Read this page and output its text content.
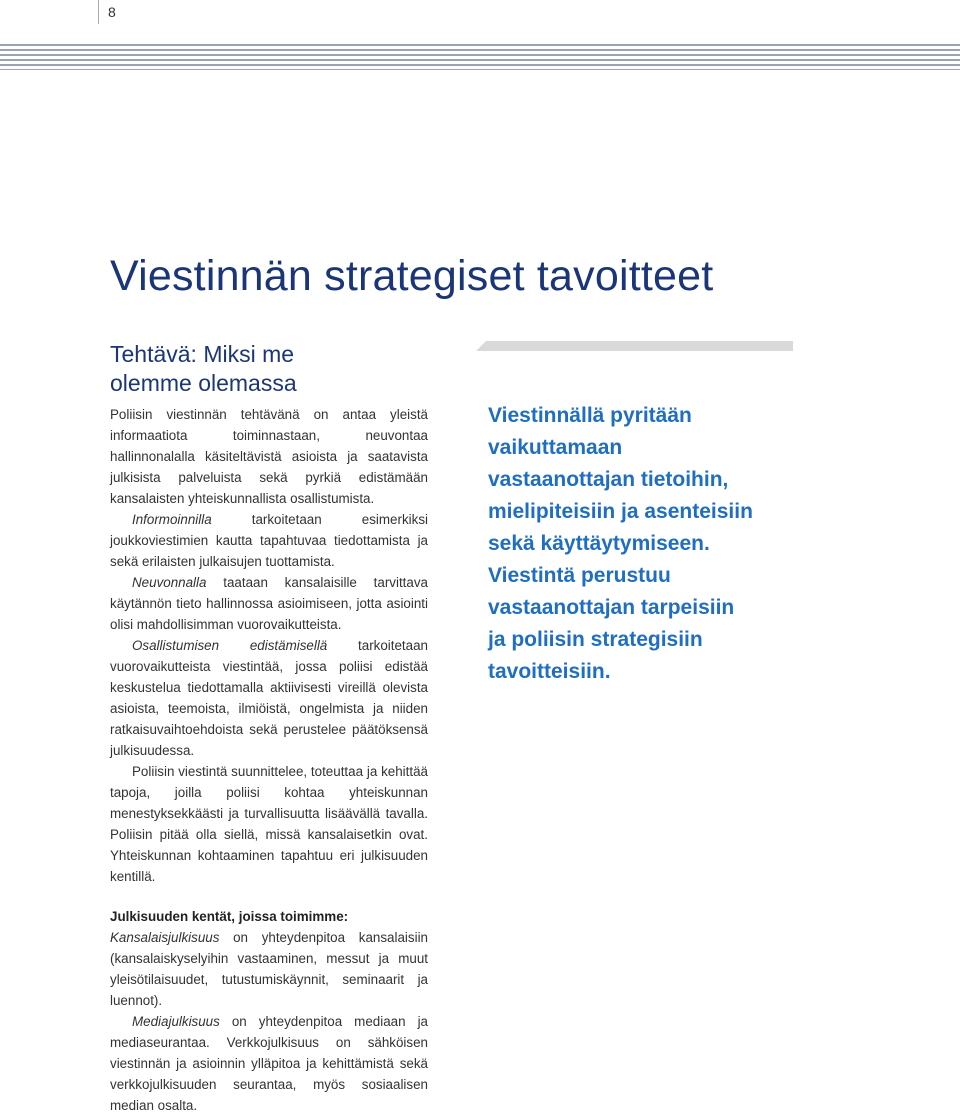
8
Viestinnän strategiset tavoitteet
Tehtävä: Miksi me
olemme olemassa

Poliisin viestinnän tehtävänä on antaa yleistä informaatiota toiminnastaan, neuvontaa hallinnonalalla käsiteltävistä asioista ja saatavista julkisista palveluista sekä pyrkiä edistämään kansalaisten yhteiskunnallista osallistumista.

Informoinnilla tarkoitetaan esimerkiksi joukkoviestimien kautta tapahtuvaa tiedottamista ja sekä erilaisten julkaisujen tuottamista.

Neuvonnalla taataan kansalaisille tarvittava käytännön tieto hallinnossa asioimiseen, jotta asiointi olisi mahdollisimman vuorovaikutteista.

Osallistumisen edistämisellä tarkoitetaan vuorovaikutteista viestintää, jossa poliisi edistää keskustelua tiedottamalla aktiivisesti vireillä olevista asioista, teemoista, ilmiöistä, ongelmista ja niiden ratkaisuvaihtoehdoista sekä perustelee päätöksensä julkisuudessa.

Poliisin viestintä suunnittelee, toteuttaa ja kehittää tapoja, joilla poliisi kohtaa yhteiskunnan menestyksekkäästi ja turvallisuutta lisäävällä tavalla. Poliisin pitää olla siellä, missä kansalaisetkin ovat. Yhteiskunnan kohtaaminen tapahtuu eri julkisuuden kentillä.

Julkisuuden kentät, joissa toimimme:

Kansalaisjulkisuus on yhteydenpitoa kansalaisiin (kansalaiskyselyihin vastaaminen, messut ja muut yleisötilaisuudet, tutustumiskäynnit, seminaarit ja luennot).

Mediajulkisuus on yhteydenpitoa mediaan ja mediaseurantaa. Verkkojulkisuus on sähköisen viestinnän ja asioinnin ylläpitoa ja kehittämistä sekä verkkojulkisuuden seurantaa, myös sosiaalisen median osalta.

Viestinnällä pyritään
vaikuttamaan
vastaanottajan tietoihin,
mielipiteisiin ja asenteisiin
sekä käyttäytymiseen.
Viestintä perustuu
vastaanottajan tarpeisiin
ja poliisin strategisiin
tavoitteisiin.
